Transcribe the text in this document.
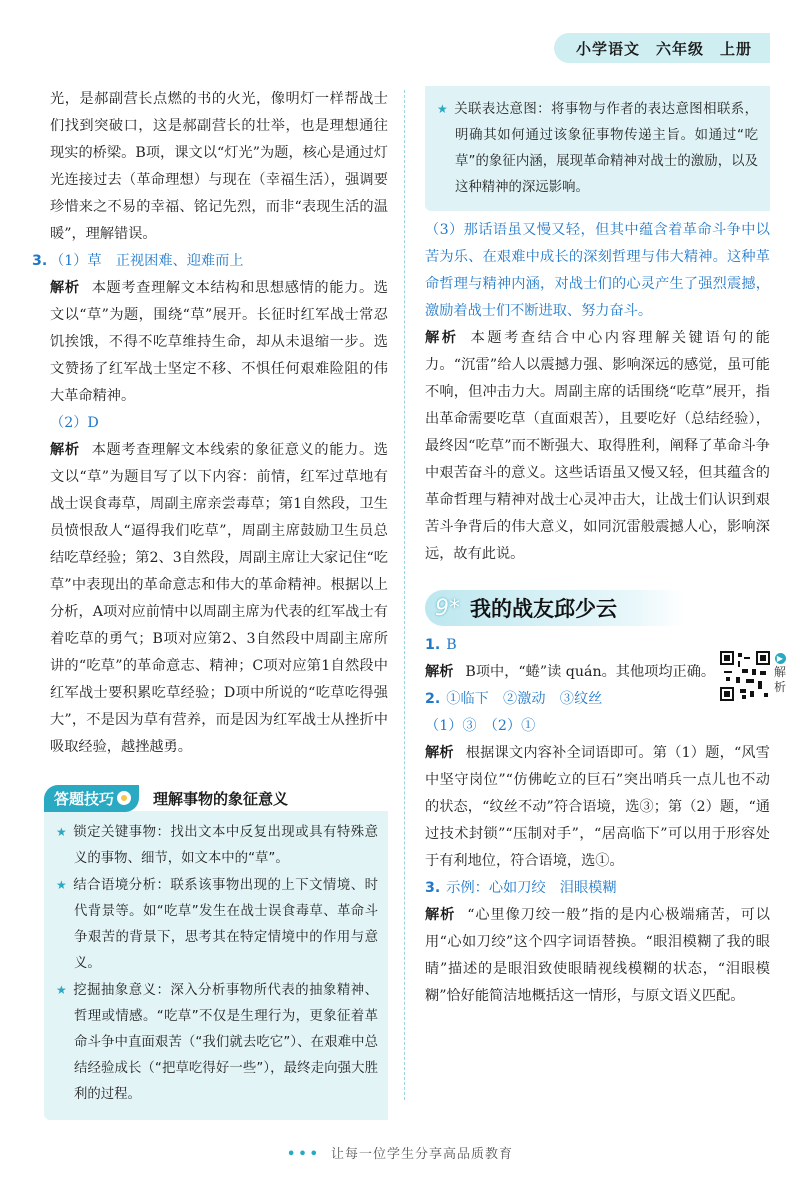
小学语文　六年级　上册

光，是郝副营长点燃的书的火光，像明灯一样帮战士们找到突破口，这是郝副营长的壮举，也是理想通往现实的桥梁。B项，课文以“灯光”为题，核心是通过灯光连接过去（革命理想）与现在（幸福生活），强调要珍惜来之不易的幸福、铭记先烈，而非“表现生活的温暖”，理解错误。

3. （1）草　正视困难、迎难而上

解析 本题考查理解文本结构和思想感情的能力。选文以“草”为题，围绕“草”展开。长征时红军战士常忍饥挨饿，不得不吃草维持生命，却从未退缩一步。选文赞扬了红军战士坚定不移、不惧任何艰难险阻的伟大革命精神。

（2）D

解析 本题考查理解文本线索的象征意义的能力。选文以“草”为题目写了以下内容：前情，红军过草地有战士误食毒草，周副主席亲尝毒草；第1自然段，卫生员愤恨敌人“逼得我们吃草”，周副主席鼓励卫生员总结吃草经验；第2、3自然段，周副主席让大家记住“吃草”中表现出的革命意志和伟大的革命精神。根据以上分析，A项对应前情中以周副主席为代表的红军战士有着吃草的勇气；B项对应第2、3自然段中周副主席所讲的“吃草”的革命意志、精神；C项对应第1自然段中红军战士要积累吃草经验；D项中所说的“吃草吃得强大”，不是因为草有营养，而是因为红军战士从挫折中吸取经验，越挫越勇。

答题技巧	理解事物的象征意义

★ 锁定关键事物：找出文本中反复出现或具有特殊意义的事物、细节，如文本中的“草”。

★ 结合语境分析：联系该事物出现的上下文情境、时代背景等。如“吃草”发生在战士误食毒草、革命斗争艰苦的背景下，思考其在特定情境中的作用与意义。

★ 挖掘抽象意义：深入分析事物所代表的抽象精神、哲理或情感。“吃草”不仅是生理行为，更象征着革命斗争中直面艰苦（“我们就去吃它”）、在艰难中总结经验成长（“把草吃得好一些”），最终走向强大胜利的过程。

★ 关联表达意图：将事物与作者的表达意图相联系，明确其如何通过该象征事物传递主旨。如通过“吃草”的象征内涵，展现革命精神对战士的激励，以及这种精神的深远影响。

（3）那话语虽又慢又轻，但其中蕴含着革命斗争中以苦为乐、在艰难中成长的深刻哲理与伟大精神。这种革命哲理与精神内涵，对战士们的心灵产生了强烈震撼，激励着战士们不断进取、努力奋斗。

解析 本题考查结合中心内容理解关键语句的能力。“沉雷”给人以震撼力强、影响深远的感觉，虽可能不响，但冲击力大。周副主席的话围绕“吃草”展开，指出革命需要吃草（直面艰苦），且要吃好（总结经验），最终因“吃草”而不断强大、取得胜利，阐释了革命斗争中艰苦奋斗的意义。这些话语虽又慢又轻，但其蕴含的革命哲理与精神对战士心灵冲击大，让战士们认识到艰苦斗争背后的伟大意义，如同沉雷般震撼人心，影响深远，故有此说。

9* 我的战友邱少云

1. B

解析 B项中，“蜷”读 quán。其他项均正确。

2. ①临下　②激动　③纹丝

（1）③　（2）①

解析 根据课文内容补全词语即可。第（1）题，“风雪中坚守岗位”“仿佛屹立的巨石”突出哨兵一点儿也不动的状态，“纹丝不动”符合语境，选③；第（2）题，“通过技术封锁”“压制对手”，“居高临下”可以用于形容处于有利地位，符合语境，选①。

3. 示例：心如刀绞　泪眼模糊

解析 “心里像刀绞一般”指的是内心极端痛苦，可以用“心如刀绞”这个四字词语替换。“眼泪模糊了我的眼睛”描述的是眼泪致使眼睛视线模糊的状态，“泪眼模糊”恰好能简洁地概括这一情形，与原文语义匹配。

▶
解析
••• 让每一位学生分享高品质教育
